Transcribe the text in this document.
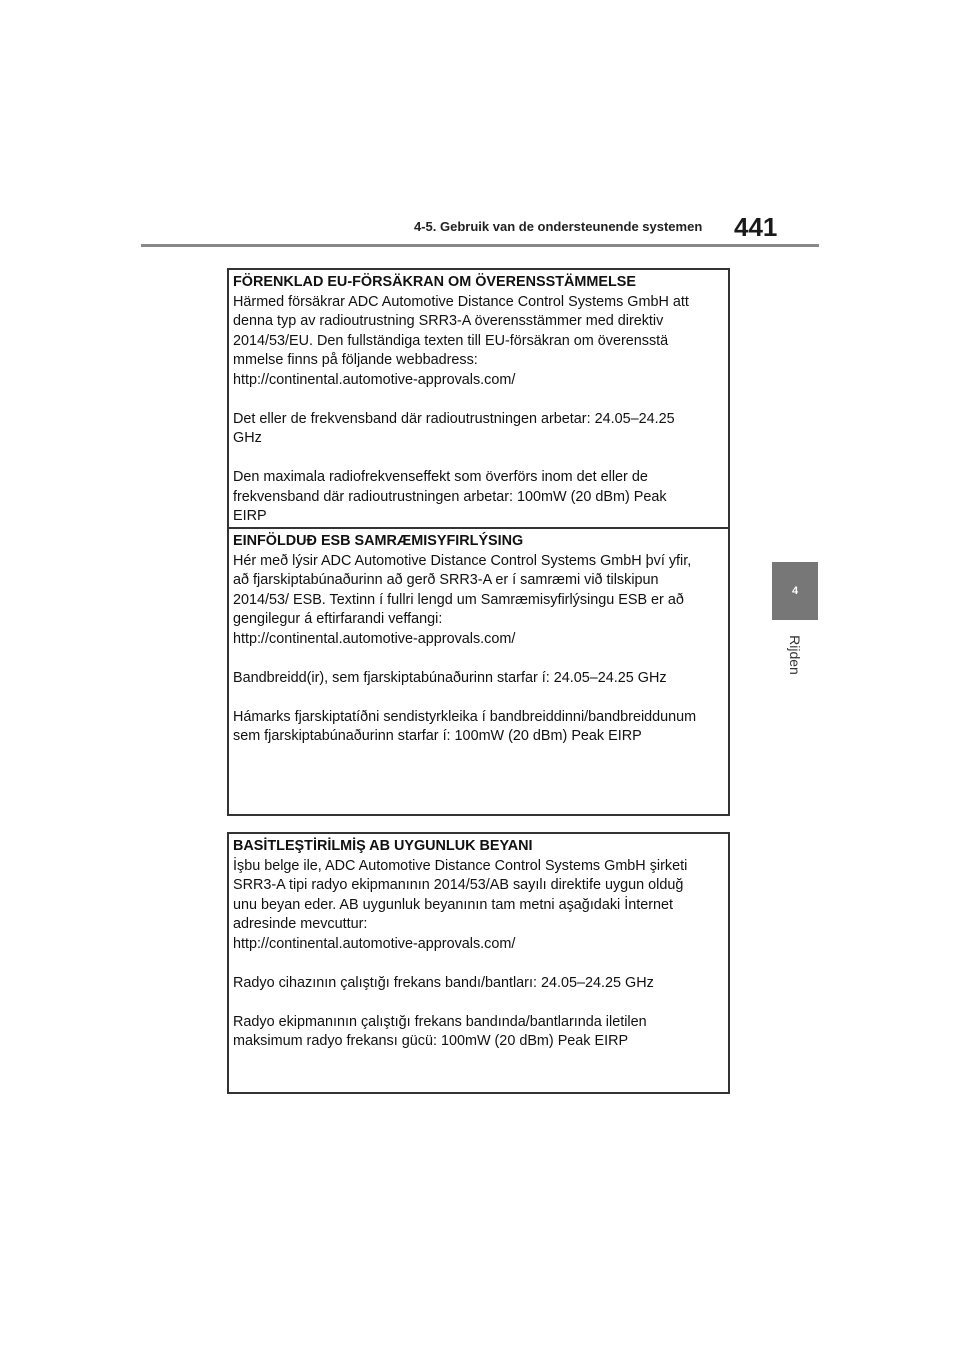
4-5. Gebruik van de ondersteunende systemen 441
4
Rijden

FÖRENKLAD EU-FÖRSÄKRAN OM ÖVERENSSTÄMMELSE

Härmed försäkrar ADC Automotive Distance Control Systems GmbH att

denna typ av radioutrustning SRR3-A överensstämmer med direktiv

2014/53/EU. Den fullständiga texten till EU-försäkran om överensstä

mmelse finns på följande webbadress:

http://continental.automotive-approvals.com/

Det eller de frekvensband där radioutrustningen arbetar: 24.05–24.25

GHz

Den maximala radiofrekvenseffekt som överförs inom det eller de

frekvensband där radioutrustningen arbetar: 100mW (20 dBm) Peak

EIRP

EINFÖLDUÐ ESB SAMRÆMISYFIRLÝSING

Hér með lýsir ADC Automotive Distance Control Systems GmbH því yfir,

að fjarskiptabúnaðurinn að gerð SRR3-A er í samræmi við tilskipun

2014/53/ ESB. Textinn í fullri lengd um Samræmisyfirlýsingu ESB er að

gengilegur á eftirfarandi veffangi:

http://continental.automotive-approvals.com/

Bandbreidd(ir), sem fjarskiptabúnaðurinn starfar í: 24.05–24.25 GHz

Hámarks fjarskiptatíðni sendistyrkleika í bandbreiddinni/bandbreiddunum

sem fjarskiptabúnaðurinn starfar í: 100mW (20 dBm) Peak EIRP

BASİTLEŞTİRİLMİŞ AB UYGUNLUK BEYANI

İşbu belge ile, ADC Automotive Distance Control Systems GmbH şirketi

SRR3-A tipi radyo ekipmanının 2014/53/AB sayılı direktife uygun olduğ

unu beyan eder. AB uygunluk beyanının tam metni aşağıdaki İnternet

adresinde mevcuttur:

http://continental.automotive-approvals.com/

Radyo cihazının çalıştığı frekans bandı/bantları: 24.05–24.25 GHz

Radyo ekipmanının çalıştığı frekans bandında/bantlarında iletilen

maksimum radyo frekansı gücü: 100mW (20 dBm) Peak EIRP
